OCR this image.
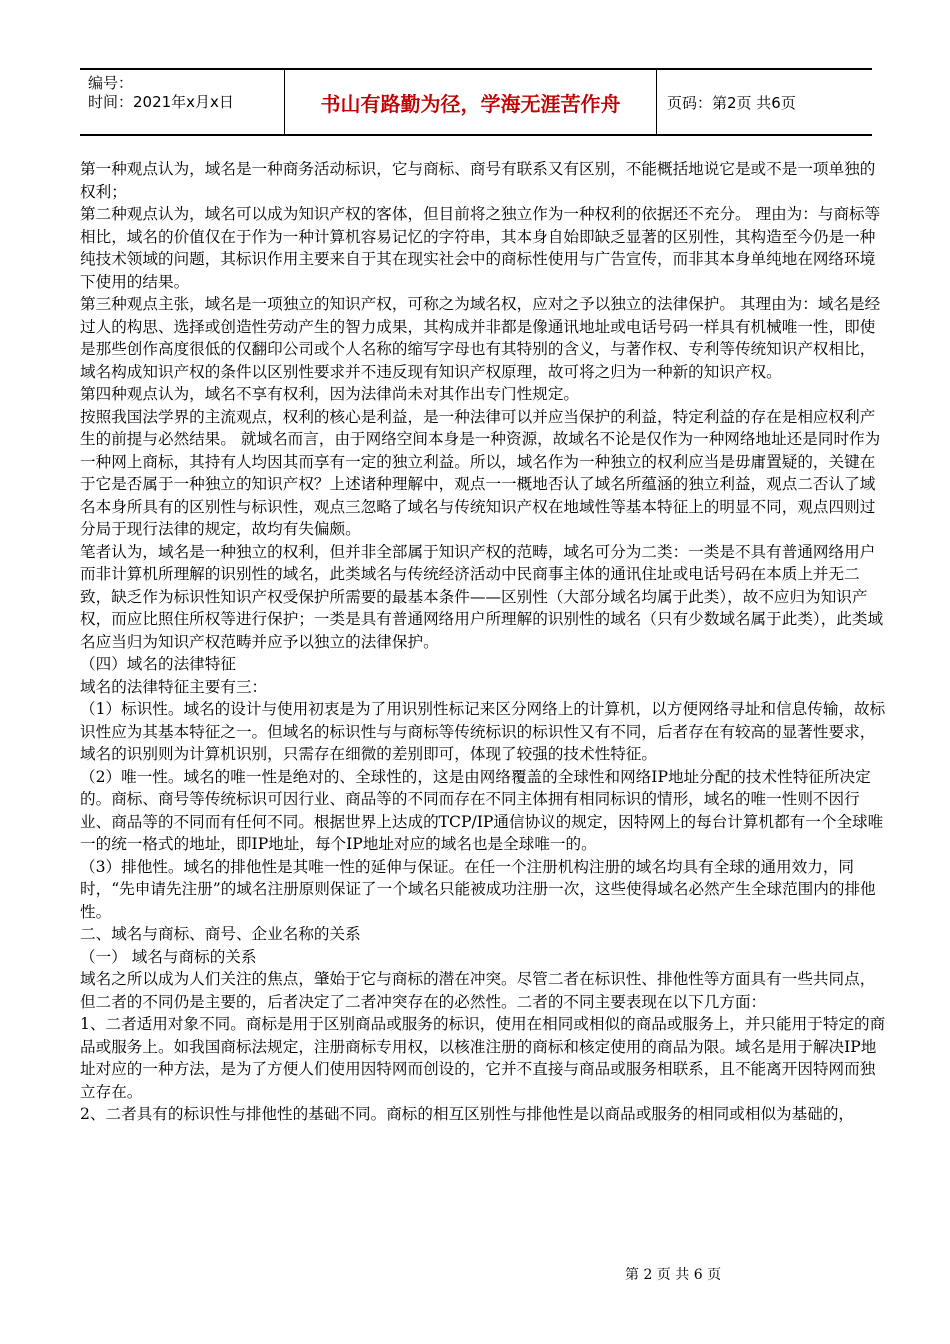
编号：
时间：2021年x月x日	书山有路勤为径，学海无涯苦作舟	页码：第2页 共6页

第一种观点认为，域名是一种商务活动标识，它与商标、商号有联系又有区别，不能概括地说它是或不是一项单独的权利；

第二种观点认为，域名可以成为知识产权的客体，但目前将之独立作为一种权利的依据还不充分。 理由为：与商标等相比，域名的价值仅在于作为一种计算机容易记忆的字符串，其本身自始即缺乏显著的区别性，其构造至今仍是一种纯技术领域的问题，其标识作用主要来自于其在现实社会中的商标性使用与广告宣传，而非其本身单纯地在网络环境下使用的结果。

第三种观点主张，域名是一项独立的知识产权，可称之为域名权，应对之予以独立的法律保护。 其理由为：域名是经过人的构思、选择或创造性劳动产生的智力成果，其构成并非都是像通讯地址或电话号码一样具有机械唯一性，即使是那些创作高度很低的仅翻印公司或个人名称的缩写字母也有其特别的含义，与著作权、专利等传统知识产权相比，域名构成知识产权的条件以区别性要求并不违反现有知识产权原理，故可将之归为一种新的知识产权。

第四种观点认为，域名不享有权利，因为法律尚未对其作出专门性规定。

按照我国法学界的主流观点，权利的核心是利益，是一种法律可以并应当保护的利益，特定利益的存在是相应权利产生的前提与必然结果。 就域名而言，由于网络空间本身是一种资源，故域名不论是仅作为一种网络地址还是同时作为一种网上商标，其持有人均因其而享有一定的独立利益。所以，域名作为一种独立的权利应当是毋庸置疑的，关键在于它是否属于一种独立的知识产权？上述诸种理解中，观点一一概地否认了域名所蕴涵的独立利益，观点二否认了域名本身所具有的区别性与标识性，观点三忽略了域名与传统知识产权在地域性等基本特征上的明显不同，观点四则过分局于现行法律的规定，故均有失偏颇。

笔者认为，域名是一种独立的权利，但并非全部属于知识产权的范畴，域名可分为二类：一类是不具有普通网络用户而非计算机所理解的识别性的域名，此类域名与传统经济活动中民商事主体的通讯住址或电话号码在本质上并无二致，缺乏作为标识性知识产权受保护所需要的最基本条件——区别性（大部分域名均属于此类），故不应归为知识产权，而应比照住所权等进行保护；一类是具有普通网络用户所理解的识别性的域名（只有少数域名属于此类），此类域名应当归为知识产权范畴并应予以独立的法律保护。

（四）域名的法律特征

域名的法律特征主要有三：

（1）标识性。域名的设计与使用初衷是为了用识别性标记来区分网络上的计算机，以方便网络寻址和信息传输，故标识性应为其基本特征之一。但域名的标识性与与商标等传统标识的标识性又有不同，后者存在有较高的显著性要求，域名的识别则为计算机识别，只需存在细微的差别即可，体现了较强的技术性特征。

（2）唯一性。域名的唯一性是绝对的、全球性的，这是由网络覆盖的全球性和网络IP地址分配的技术性特征所决定的。商标、商号等传统标识可因行业、商品等的不同而存在不同主体拥有相同标识的情形，域名的唯一性则不因行业、商品等的不同而有任何不同。根据世界上达成的TCP/IP通信协议的规定，因特网上的每台计算机都有一个全球唯一的统一格式的地址，即IP地址，每个IP地址对应的域名也是全球唯一的。

（3）排他性。域名的排他性是其唯一性的延伸与保证。在任一个注册机构注册的域名均具有全球的通用效力，同时，“先申请先注册”的域名注册原则保证了一个域名只能被成功注册一次，这些使得域名必然产生全球范围内的排他性。

二、域名与商标、商号、企业名称的关系

（一） 域名与商标的关系

域名之所以成为人们关注的焦点，肇始于它与商标的潜在冲突。尽管二者在标识性、排他性等方面具有一些共同点，但二者的不同仍是主要的，后者决定了二者冲突存在的必然性。二者的不同主要表现在以下几方面：

1、二者适用对象不同。商标是用于区别商品或服务的标识，使用在相同或相似的商品或服务上，并只能用于特定的商品或服务上。如我国商标法规定，注册商标专用权，以核准注册的商标和核定使用的商品为限。域名是用于解决IP地址对应的一种方法，是为了方便人们使用因特网而创设的，它并不直接与商品或服务相联系，且不能离开因特网而独立存在。

2、二者具有的标识性与排他性的基础不同。商标的相互区别性与排他性是以商品或服务的相同或相似为基础的，

第 2 页 共 6 页
